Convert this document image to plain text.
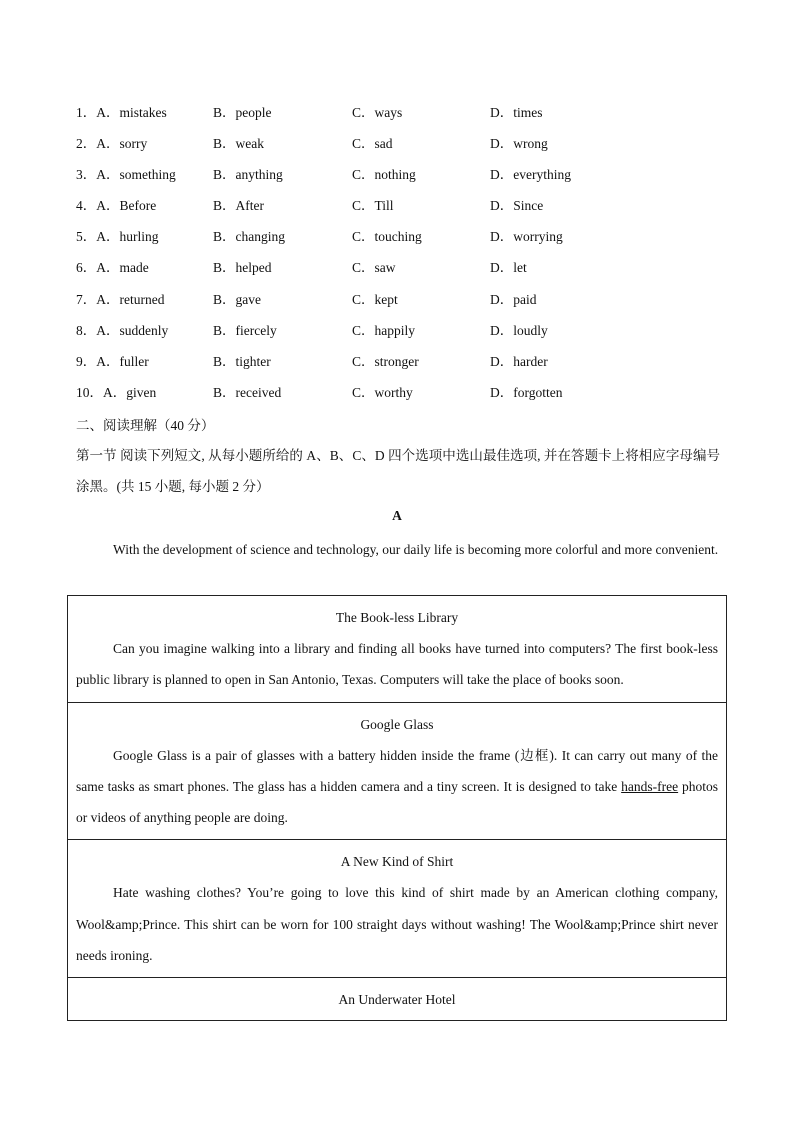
1．A．mistakes	B．people	C．ways	D．times
2．A．sorry	B．weak	C．sad	D．wrong
3．A．something	B．anything	C．nothing	D．everything
4．A．Before	B．After	C．Till	D．Since
5．A．hurling	B．changing	C．touching	D．worrying
6．A．made	B．helped	C．saw	D．let
7．A．returned	B．gave	C．kept	D．paid
8．A．suddenly	B．fiercely	C．happily	D．loudly
9．A．fuller	B．tighter	C．stronger	D．harder
10．A．given	B．received	C．worthy	D．forgotten
二、阅读理解（40 分）
第一节 阅读下列短文, 从每小题所给的 A、B、C、D 四个选项中选山最佳选项, 并在答题卡上将相应字母编号涂黑。(共 15 小题, 每小题 2 分）
A
With the development of science and technology, our daily life is becoming more colorful and more convenient.
The Book-less Library
Can you imagine walking into a library and finding all books have turned into computers? The first book-less public library is planned to open in San Antonio, Texas. Computers will take the place of books soon.
Google Glass
Google Glass is a pair of glasses with a battery hidden inside the frame (边框). It can carry out many of the same tasks as smart phones. The glass has a hidden camera and a tiny screen. It is designed to take hands-free photos or videos of anything people are doing.
A New Kind of Shirt
Hate washing clothes? You’re going to love this kind of shirt made by an American clothing company, Wool&amp;Prince. This shirt can be worn for 100 straight days without washing! The Wool&amp;Prince shirt never needs ironing.
An Underwater Hotel
